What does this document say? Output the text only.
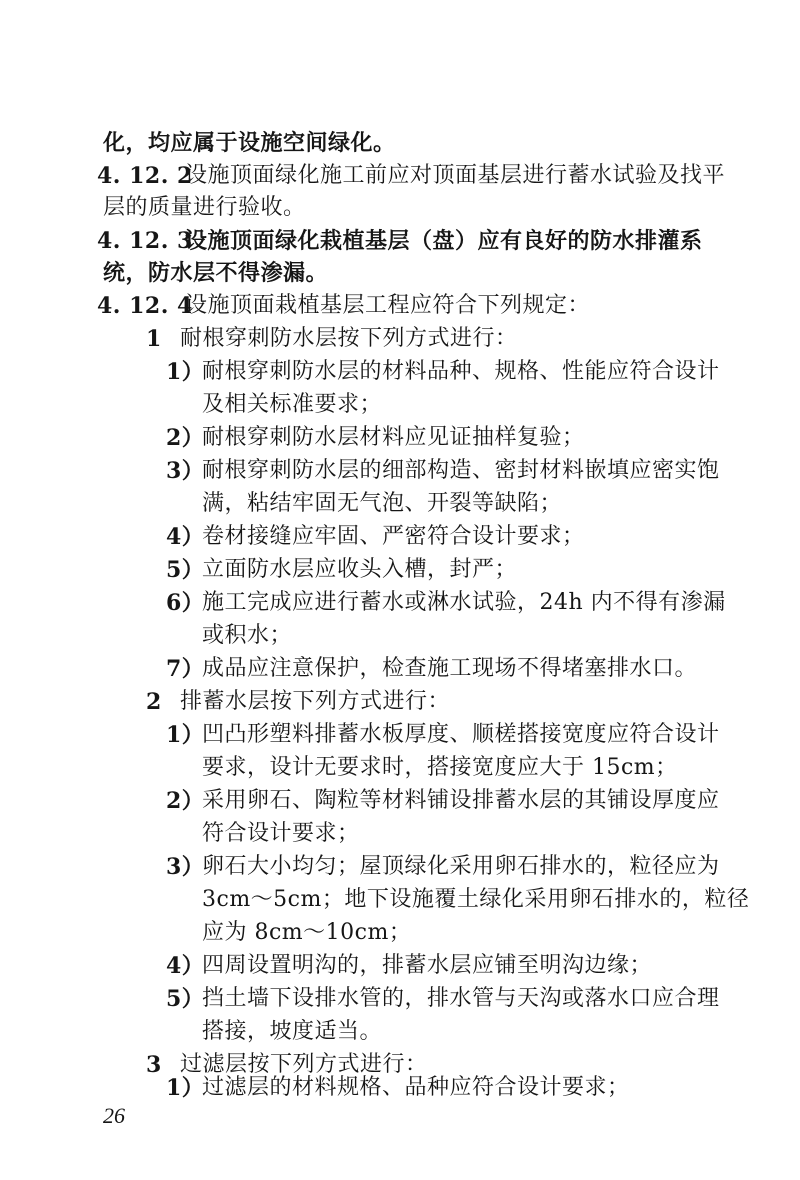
化，均应属于设施空间绿化。
4. 12. 2
设施顶面绿化施工前应对顶面基层进行蓄水试验及找平
层的质量进行验收。
4. 12. 3
设施顶面绿化栽植基层（盘）应有良好的防水排灌系
统，防水层不得渗漏。
4. 12. 4
设施顶面栽植基层工程应符合下列规定：
1 耐根穿刺防水层按下列方式进行：
1）
耐根穿刺防水层的材料品种、规格、性能应符合设计
及相关标准要求；
2）
耐根穿刺防水层材料应见证抽样复验；
3）
耐根穿刺防水层的细部构造、密封材料嵌填应密实饱
满，粘结牢固无气泡、开裂等缺陷；
4）
卷材接缝应牢固、严密符合设计要求；
5）
立面防水层应收头入槽，封严；
6）
施工完成应进行蓄水或淋水试验，24h 内不得有渗漏
或积水；
7）
成品应注意保护，检查施工现场不得堵塞排水口。
2 排蓄水层按下列方式进行：
1）
凹凸形塑料排蓄水板厚度、顺槎搭接宽度应符合设计
要求，设计无要求时，搭接宽度应大于 15cm；
2）
采用卵石、陶粒等材料铺设排蓄水层的其铺设厚度应
符合设计要求；
3）
卵石大小均匀；屋顶绿化采用卵石排水的，粒径应为
3cm～5cm；地下设施覆土绿化采用卵石排水的，粒径
应为 8cm～10cm；
4）
四周设置明沟的，排蓄水层应铺至明沟边缘；
5）
挡土墙下设排水管的，排水管与天沟或落水口应合理
搭接，坡度适当。
3 过滤层按下列方式进行：
1）
过滤层的材料规格、品种应符合设计要求；
26
